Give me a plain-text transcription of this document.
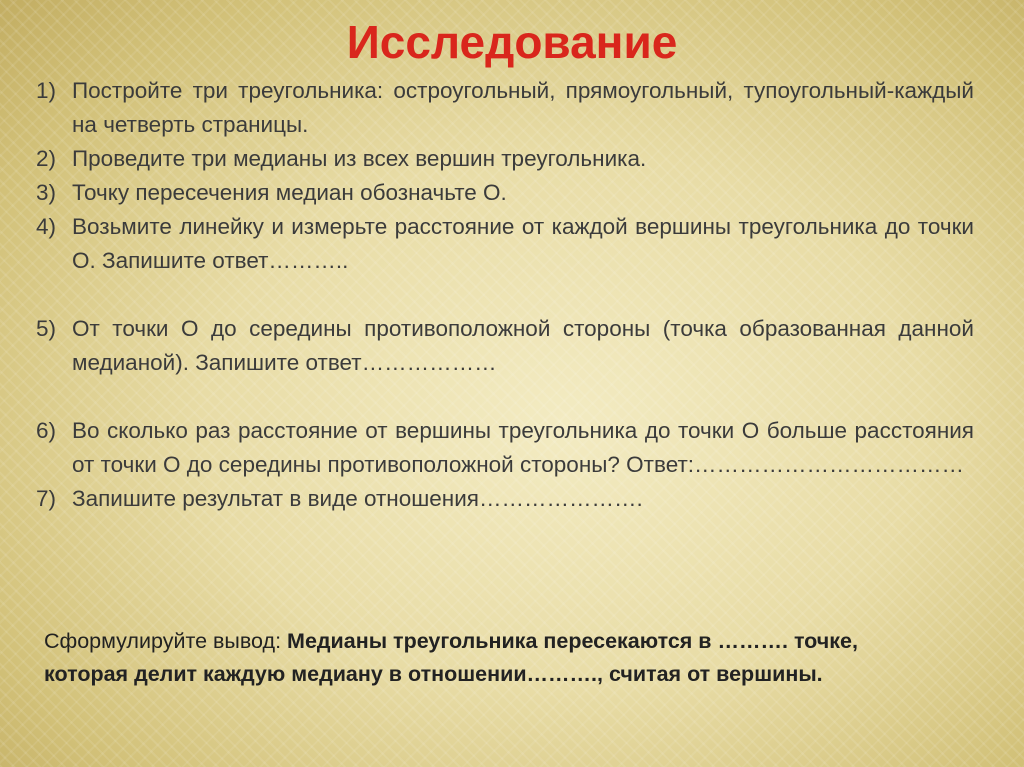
Исследование
1) Постройте три треугольника: остроугольный, прямоугольный, тупоугольный-каждый на четверть страницы.
2) Проведите три медианы из всех вершин треугольника.
3) Точку пересечения медиан обозначьте О.
4) Возьмите линейку и измерьте расстояние от каждой вершины треугольника до точки О. Запишите ответ………..
5) От точки О до середины противоположной стороны (точка образованная данной медианой). Запишите ответ………………
6) Во сколько раз расстояние от вершины треугольника до точки О больше расстояния от точки О до середины противоположной стороны? Ответ:………………………………
7) Запишите результат в виде отношения………………….
Сформулируйте вывод: Медианы треугольника пересекаются в ………. точке, которая делит каждую медиану в отношении………., считая от вершины.
